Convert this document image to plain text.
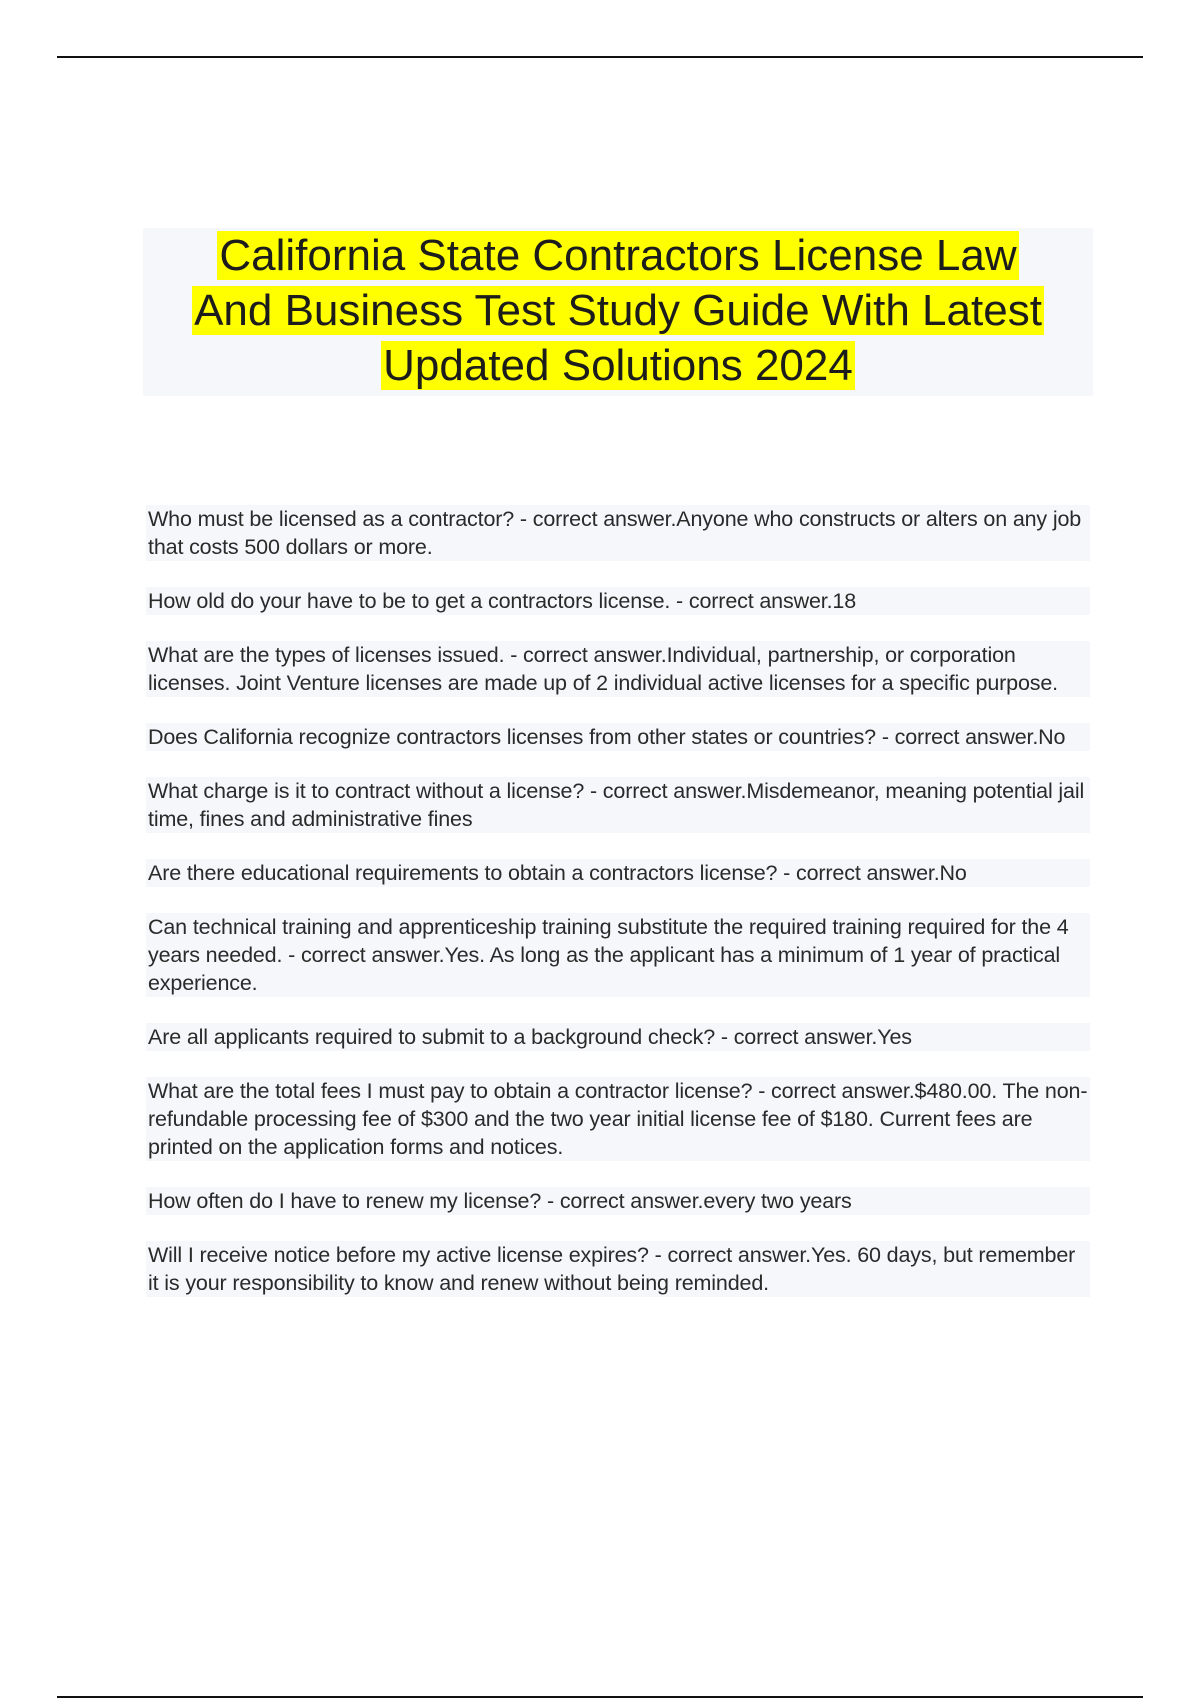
California State Contractors License Law
And Business Test Study Guide With Latest
Updated Solutions 2024
Who must be licensed as a contractor? - correct answer.Anyone who constructs or alters on any job that costs 500 dollars or more.
How old do your have to be to get a contractors license. - correct answer.18
What are the types of licenses issued. - correct answer.Individual, partnership, or corporation licenses. Joint Venture licenses are made up of 2 individual active licenses for a specific purpose.
Does California recognize contractors licenses from other states or countries? - correct answer.No
What charge is it to contract without a license? - correct answer.Misdemeanor, meaning potential jail time, fines and administrative fines
Are there educational requirements to obtain a contractors license? - correct answer.No
Can technical training and apprenticeship training substitute the required training required for the 4 years needed. - correct answer.Yes. As long as the applicant has a minimum of 1 year of practical experience.
Are all applicants required to submit to a background check? - correct answer.Yes
What are the total fees I must pay to obtain a contractor license? - correct answer.$480.00. The non-refundable processing fee of $300 and the two year initial license fee of $180. Current fees are printed on the application forms and notices.
How often do I have to renew my license? - correct answer.every two years
Will I receive notice before my active license expires? - correct answer.Yes. 60 days, but remember it is your responsibility to know and renew without being reminded.
